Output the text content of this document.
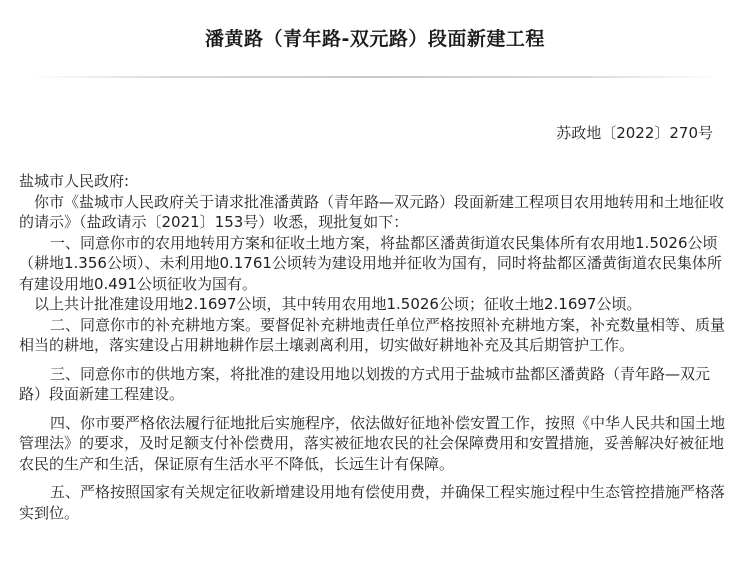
潘黄路（青年路-双元路）段面新建工程
苏政地〔2022〕270号

盐城市人民政府:

你市《盐城市人民政府关于请求批准潘黄路（青年路—双元路）段面新建工程项目农用地转用和土地征收的请示》（盐政请示〔2021〕153号）收悉，现批复如下：

一、同意你市的农用地转用方案和征收土地方案，将盐都区潘黄街道农民集体所有农用地1.5026公顷（耕地1.356公顷）、未利用地0.1761公顷转为建设用地并征收为国有，同时将盐都区潘黄街道农民集体所有建设用地0.491公顷征收为国有。

以上共计批准建设用地2.1697公顷，其中转用农用地1.5026公顷；征收土地2.1697公顷。

二、同意你市的补充耕地方案。要督促补充耕地责任单位严格按照补充耕地方案，补充数量相等、质量相当的耕地，落实建设占用耕地耕作层土壤剥离利用，切实做好耕地补充及其后期管护工作。

三、同意你市的供地方案，将批准的建设用地以划拨的方式用于盐城市盐都区潘黄路（青年路—双元路）段面新建工程建设。

四、你市要严格依法履行征地批后实施程序，依法做好征地补偿安置工作，按照《中华人民共和国土地管理法》的要求，及时足额支付补偿费用，落实被征地农民的社会保障费用和安置措施，妥善解决好被征地农民的生产和生活，保证原有生活水平不降低，长远生计有保障。

五、严格按照国家有关规定征收新增建设用地有偿使用费，并确保工程实施过程中生态管控措施严格落实到位。
